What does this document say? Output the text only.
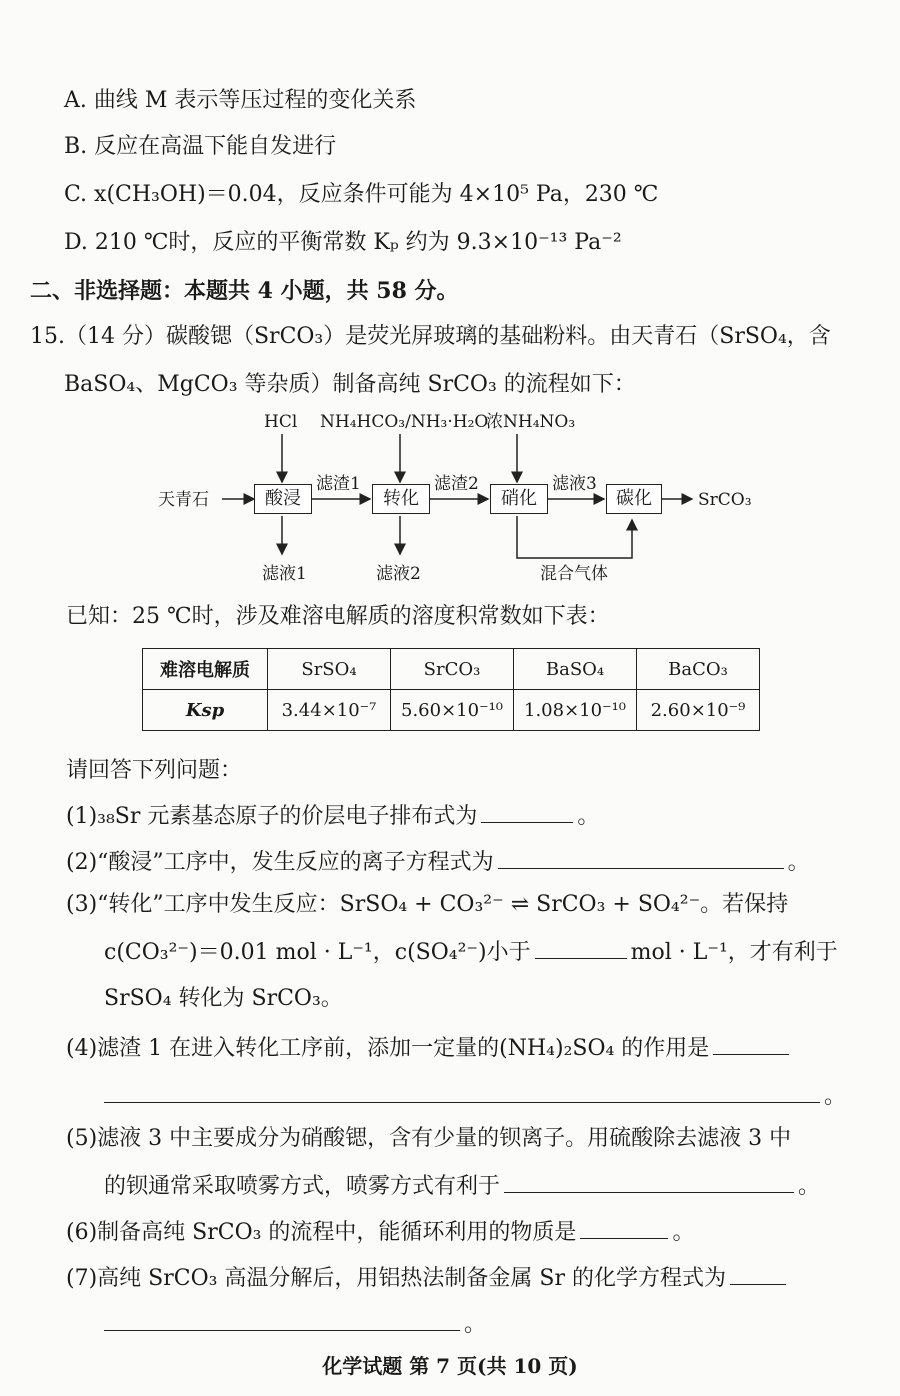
A. 曲线 M 表示等压过程的变化关系
B. 反应在高温下能自发进行
C. x(CH₃OH)＝0.04，反应条件可能为 4×10⁵ Pa，230 ℃
D. 210 ℃时，反应的平衡常数 Kₚ 约为 9.3×10⁻¹³ Pa⁻²
二、非选择题：本题共 4 小题，共 58 分。
15.（14 分）碳酸锶（SrCO₃）是荧光屏玻璃的基础粉料。由天青石（SrSO₄，含
BaSO₄、MgCO₃ 等杂质）制备高纯 SrCO₃ 的流程如下：
HCl NH₄HCO₃/NH₃·H₂O
浓NH₄NO₃
天青石	酸浸	转化	硝化	碳化
滤渣1	滤渣2	滤液3
SrCO₃
滤液1	滤液2	混合气体
已知：25 ℃时，涉及难溶电解质的溶度积常数如下表：
难溶电解质	SrSO₄	SrCO₃	BaSO₄	BaCO₃
Ksp	3.44×10⁻⁷	5.60×10⁻¹⁰	1.08×10⁻¹⁰	2.60×10⁻⁹
请回答下列问题：
(1)₃₈Sr 元素基态原子的价层电子排布式为	。
(2)“酸浸”工序中，发生反应的离子方程式为	。
(3)“转化”工序中发生反应：SrSO₄ + CO₃²⁻ ⇌ SrCO₃ + SO₄²⁻。若保持
c(CO₃²⁻)＝0.01 mol · L⁻¹，c(SO₄²⁻)小于	mol · L⁻¹，才有利于
SrSO₄ 转化为 SrCO₃。
(4)滤渣 1 在进入转化工序前，添加一定量的(NH₄)₂SO₄ 的作用是
。
(5)滤液 3 中主要成分为硝酸锶，含有少量的钡离子。用硫酸除去滤液 3 中
的钡通常采取喷雾方式，喷雾方式有利于	。
(6)制备高纯 SrCO₃ 的流程中，能循环利用的物质是	。
(7)高纯 SrCO₃ 高温分解后，用铝热法制备金属 Sr 的化学方程式为
。
化学试题 第 7 页(共 10 页)
